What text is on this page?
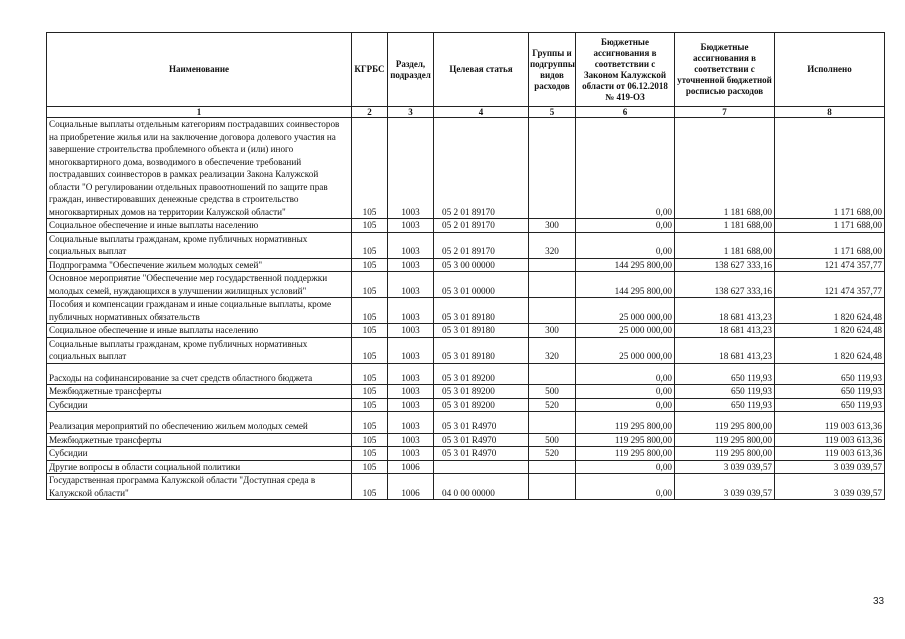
Наименование	КГРБС	Раздел, подраздел	Целевая статья	Группы и подгруппы видов расходов	Бюджетные ассигнования в соответствии с Законом Калужской области от 06.12.2018 № 419-ОЗ	Бюджетные ассигнования в соответствии с уточненной бюджетной росписью расходов	Исполнено
1	2	3	4	5	6	7	8
Социальные выплаты отдельным категориям пострадавших соинвесторов на приобретение жилья или на заключение договора долевого участия на завершение строительства проблемного объекта и (или) иного многоквартирного дома, возводимого в обеспечение требований пострадавших соинвесторов в рамках реализации Закона Калужской области "О регулировании отдельных правоотношений по защите прав граждан, инвестировавших денежные средства в строительство многоквартирных домов на территории Калужской области"	105	1003	05 2 01 89170		0,00	1 181 688,00	1 171 688,00
Социальное обеспечение и иные выплаты населению	105	1003	05 2 01 89170	300	0,00	1 181 688,00	1 171 688,00
Социальные выплаты гражданам, кроме публичных нормативных социальных выплат	105	1003	05 2 01 89170	320	0,00	1 181 688,00	1 171 688,00
Подпрограмма "Обеспечение жильем молодых семей"	105	1003	05 3 00 00000		144 295 800,00	138 627 333,16	121 474 357,77
Основное мероприятие "Обеспечение мер государственной поддержки молодых семей, нуждающихся в улучшении жилищных условий"	105	1003	05 3 01 00000		144 295 800,00	138 627 333,16	121 474 357,77
Пособия и компенсации гражданам и иные социальные выплаты, кроме публичных нормативных обязательств	105	1003	05 3 01 89180		25 000 000,00	18 681 413,23	1 820 624,48
Социальное обеспечение и иные выплаты населению	105	1003	05 3 01 89180	300	25 000 000,00	18 681 413,23	1 820 624,48
Социальные выплаты гражданам, кроме публичных нормативных социальных выплат	105	1003	05 3 01 89180	320	25 000 000,00	18 681 413,23	1 820 624,48
Расходы на софинансирование за счет средств областного бюджета	105	1003	05 3 01 89200		0,00	650 119,93	650 119,93
Межбюджетные трансферты	105	1003	05 3 01 89200	500	0,00	650 119,93	650 119,93
Субсидии	105	1003	05 3 01 89200	520	0,00	650 119,93	650 119,93
Реализация мероприятий по обеспечению жильем молодых семей	105	1003	05 3 01 R4970		119 295 800,00	119 295 800,00	119 003 613,36
Межбюджетные трансферты	105	1003	05 3 01 R4970	500	119 295 800,00	119 295 800,00	119 003 613,36
Субсидии	105	1003	05 3 01 R4970	520	119 295 800,00	119 295 800,00	119 003 613,36
Другие вопросы в области социальной политики	105	1006			0,00	3 039 039,57	3 039 039,57
Государственная программа Калужской области "Доступная среда в Калужской области"	105	1006	04 0 00 00000		0,00	3 039 039,57	3 039 039,57
33
